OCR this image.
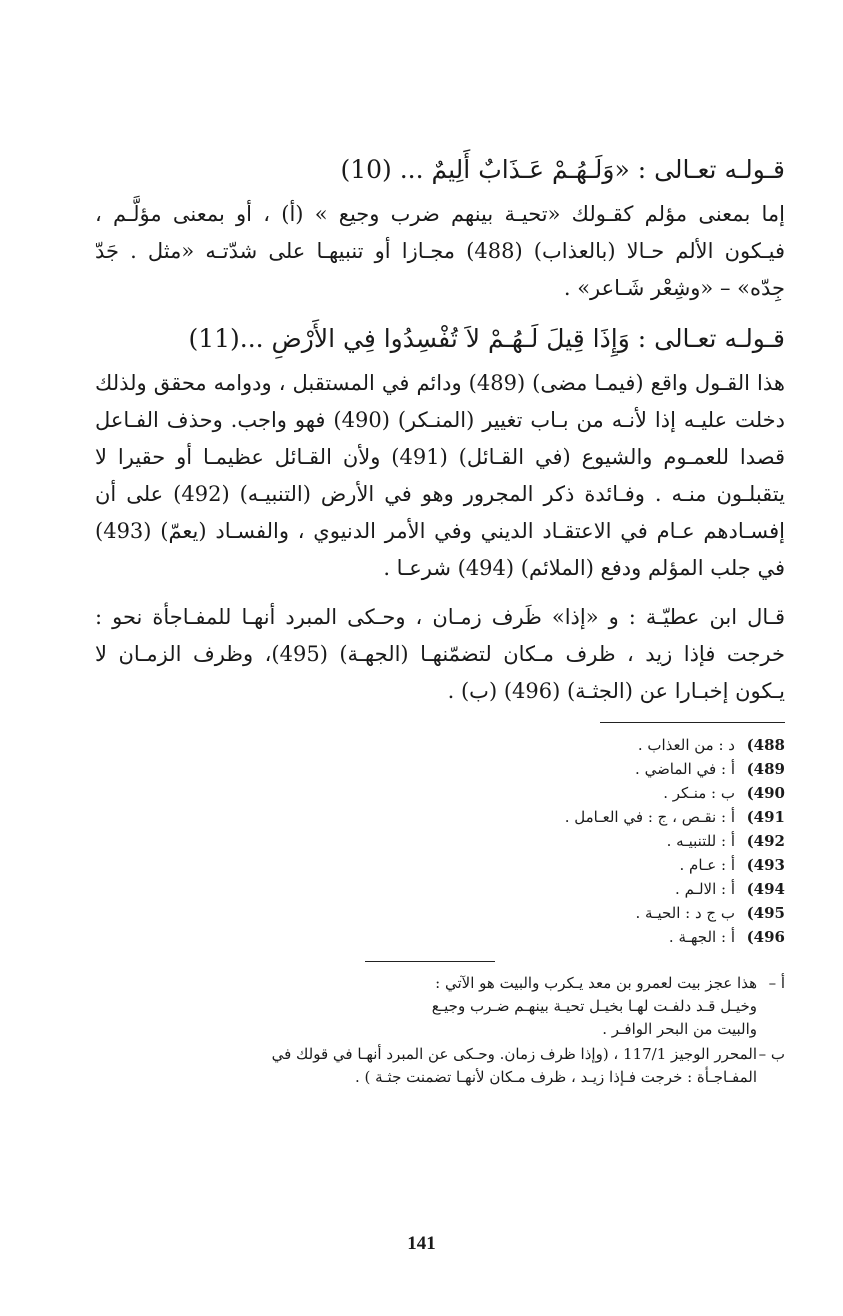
قـولـه تعـالى : «وَلَـهُـمْ عَـذَابٌ أَلِيمٌ ... (10)

إما بمعنى مؤلم كقـولك «تحيـة بينهم ضرب وجيع » (أ) ، أو بمعنى مؤلَّـم ، فيـكون الألم حـالا (بالعذاب) (488) مجـازا أو تنبيهـا على شدّتـه «مثل . جَدّ جِدّه» – «وشِعْر شَـاعر» .

قـولـه تعـالى : وَإِذَا قِيلَ لَـهُـمْ لاَ تُفْسِدُوا فِي الأَرْضِ ...(11)

هذا القـول واقع (فيمـا مضى) (489) ودائم في المستقبل ، ودوامه محقق ولذلك دخلت عليـه إذا لأنـه من بـاب تغيير (المنـكر) (490) فهو واجب. وحذف الفـاعل قصدا للعمـوم والشيوع (في القـائل) (491) ولأن القـائل عظيمـا أو حقيرا لا يتقبلـون منـه . وفـائدة ذكر المجرور وهو في الأرض (التنبيـه) (492) على أن إفسـادهم عـام في الاعتقـاد الديني وفي الأمر الدنيوي ، والفسـاد (يعمّ) (493) في جلب المؤلم ودفع (الملائم) (494) شرعـا .

قـال ابن عطيّـة : و «إذا» ظَرف زمـان ، وحـكى المبرد أنهـا للمفـاجأة نحو : خرجت فإذا زيد ، ظرف مـكان لتضمّنهـا (الجهـة) (495)، وظرف الزمـان لا يـكون إخبـارا عن (الجثـة) (496) (ب) .

(488
د : من العذاب .
(489
أ : في الماضي .
(490
ب : منـكر .
(491
أ : نقـص ، ج : في العـامل .
(492
أ : للتنبيـه .
(493
أ : عـام .
(494
أ : الالـم .
(495
ب ج د : الحيـة .
(496
أ : الجهـة .
أ –
هذا عجز بيت لعمرو بن معد يـكرب والبيت هو الآتي :
وخيـل قـد دلفـت لهـا بخيـل تحيـة بينهـم ضـرب وجيـع
والبيت من البحر الوافـر .
ب –
المحرر الوجيز 117/1 ، (وإذا ظرف زمان. وحـكى عن المبرد أنهـا في قولك في
المفـاجـأة : خرجت فـإذا زيـد ، ظرف مـكان لأنهـا تضمنت جثـة ) .
141
